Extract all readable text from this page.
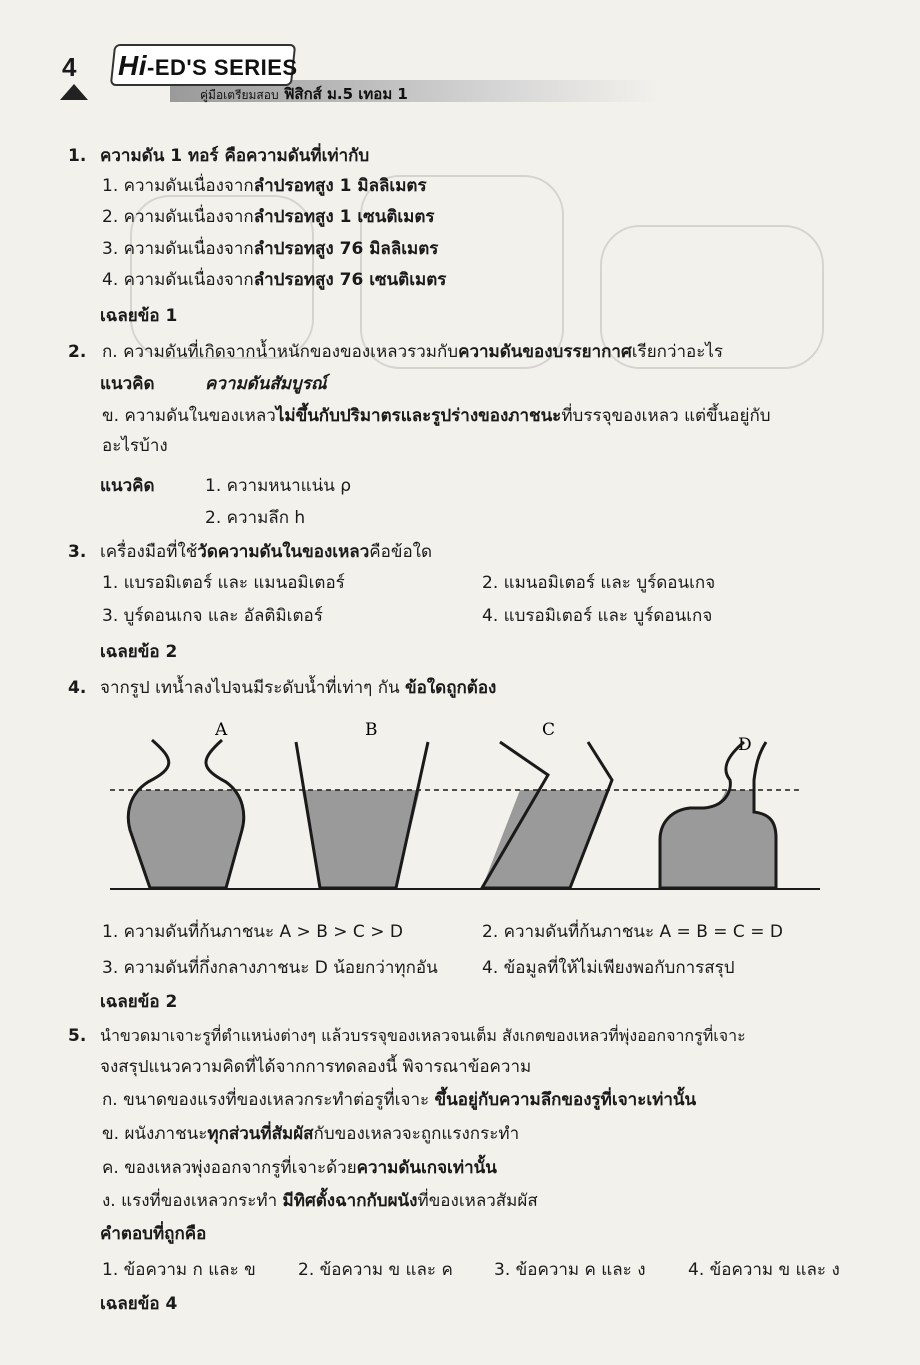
4 Hi-ED'S SERIES
คู่มือเตรียมสอบ ฟิสิกส์ ม.5 เทอม 1
1. ความดัน 1 ทอร์ คือความดันที่เท่ากับ
1. ความดันเนื่องจากลำปรอทสูง 1 มิลลิเมตร
2. ความดันเนื่องจากลำปรอทสูง 1 เซนติเมตร
3. ความดันเนื่องจากลำปรอทสูง 76 มิลลิเมตร
4. ความดันเนื่องจากลำปรอทสูง 76 เซนติเมตร
เฉลยข้อ 1
2. ก. ความดันที่เกิดจากน้ำหนักของของเหลวรวมกับความดันของบรรยากาศเรียกว่าอะไร
แนวคิด	ความดันสัมบูรณ์
ข. ความดันในของเหลวไม่ขึ้นกับปริมาตรและรูปร่างของภาชนะที่บรรจุของเหลว แต่ขึ้นอยู่กับ
อะไรบ้าง
แนวคิด	1. ความหนาแน่น ρ
2. ความลึก h
3. เครื่องมือที่ใช้วัดความดันในของเหลวคือข้อใด
1. แบรอมิเตอร์ และ แมนอมิเตอร์	2. แมนอมิเตอร์ และ บูร์ดอนเกจ
3. บูร์ดอนเกจ และ อัลติมิเตอร์	4. แบรอมิเตอร์ และ บูร์ดอนเกจ
เฉลยข้อ 2
4. จากรูป เทน้ำลงไปจนมีระดับน้ำที่เท่าๆ กัน ข้อใดถูกต้อง
A	B	C
D
1. ความดันที่ก้นภาชนะ A > B > C > D	2. ความดันที่ก้นภาชนะ A = B = C = D
3. ความดันที่กึ่งกลางภาชนะ D น้อยกว่าทุกอัน	4. ข้อมูลที่ให้ไม่เพียงพอกับการสรุป
เฉลยข้อ 2
5. นำขวดมาเจาะรูที่ตำแหน่งต่างๆ แล้วบรรจุของเหลวจนเต็ม สังเกตของเหลวที่พุ่งออกจากรูที่เจาะ
จงสรุปแนวความคิดที่ได้จากการทดลองนี้ พิจารณาข้อความ
ก. ขนาดของแรงที่ของเหลวกระทำต่อรูที่เจาะ ขึ้นอยู่กับความลึกของรูที่เจาะเท่านั้น
ข. ผนังภาชนะทุกส่วนที่สัมผัสกับของเหลวจะถูกแรงกระทำ
ค. ของเหลวพุ่งออกจากรูที่เจาะด้วยความดันเกจเท่านั้น
ง. แรงที่ของเหลวกระทำ มีทิศตั้งฉากกับผนังที่ของเหลวสัมผัส
คำตอบที่ถูกคือ
1. ข้อความ ก และ ข 2. ข้อความ ข และ ค 3. ข้อความ ค และ ง 4. ข้อความ ข และ ง
เฉลยข้อ 4
